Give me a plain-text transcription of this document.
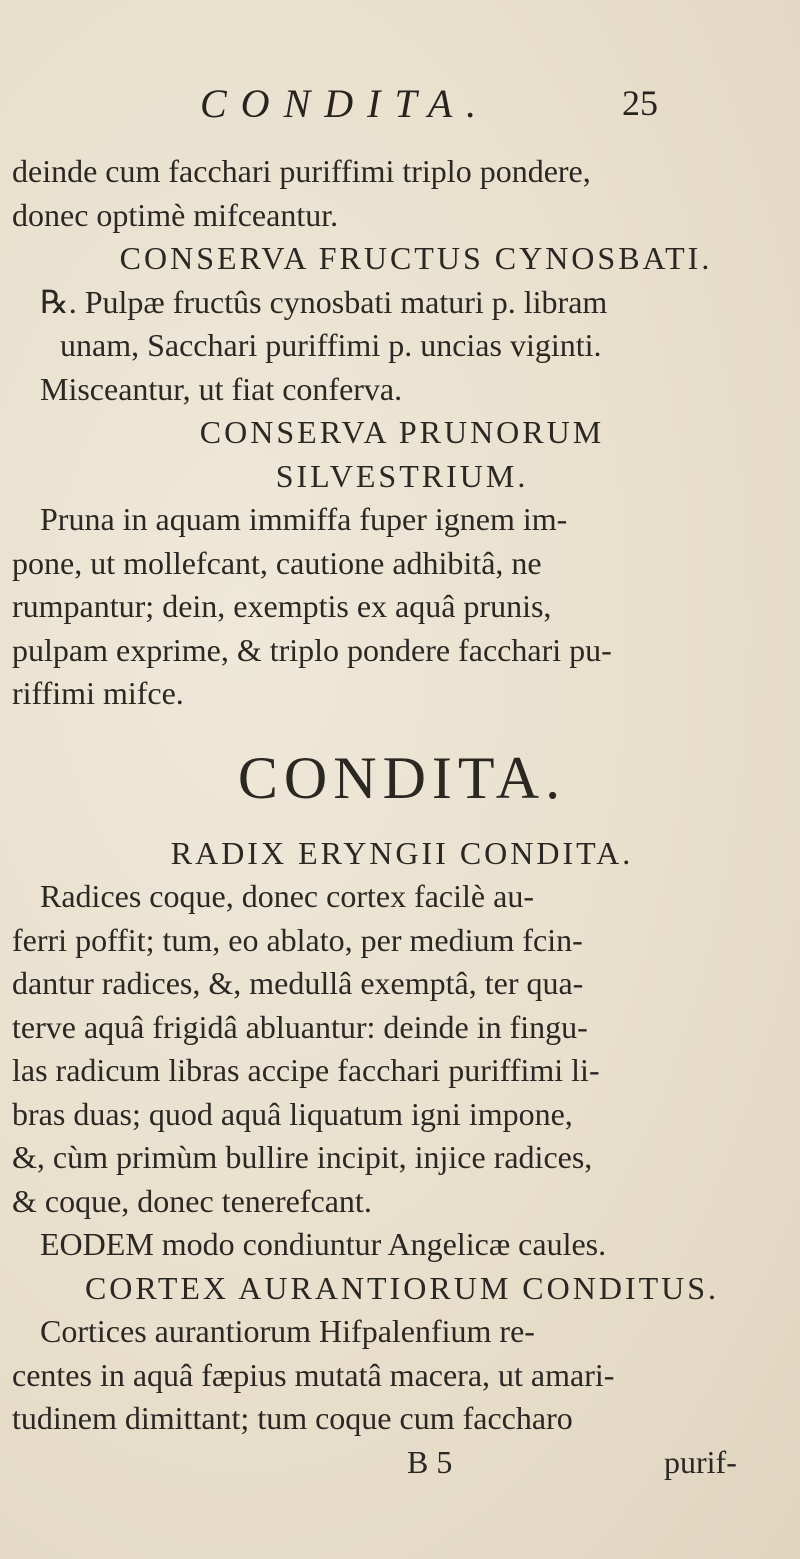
CONDITA.	25
deinde cum facchari puriffimi triplo pondere,
donec optimè mifceantur.
CONSERVA FRUCTUS CYNOSBATI.
℞. Pulpæ fructûs cynosbati maturi p. libram
unam, Sacchari puriffimi p. uncias viginti.
Misceantur, ut fiat conferva.
CONSERVA PRUNORUM
SILVESTRIUM.
Pruna in aquam immiffa fuper ignem im-
pone, ut mollefcant, cautione adhibitâ, ne
rumpantur; dein, exemptis ex aquâ prunis,
pulpam exprime, & triplo pondere facchari pu-
riffimi mifce.
CONDITA.
RADIX ERYNGII CONDITA.
Radices coque, donec cortex facilè au-
ferri poffit; tum, eo ablato, per medium fcin-
dantur radices, &, medullâ exemptâ, ter qua-
terve aquâ frigidâ abluantur: deinde in fingu-
las radicum libras accipe facchari puriffimi li-
bras duas; quod aquâ liquatum igni impone,
&, cùm primùm bullire incipit, injice radices,
& coque, donec tenerefcant.
EODEM modo condiuntur Angelicæ caules.
CORTEX AURANTIORUM CONDITUS.
Cortices aurantiorum Hifpalenfium re-
centes in aquâ fæpius mutatâ macera, ut amari-
tudinem dimittant; tum coque cum faccharo
B 5	purif-
